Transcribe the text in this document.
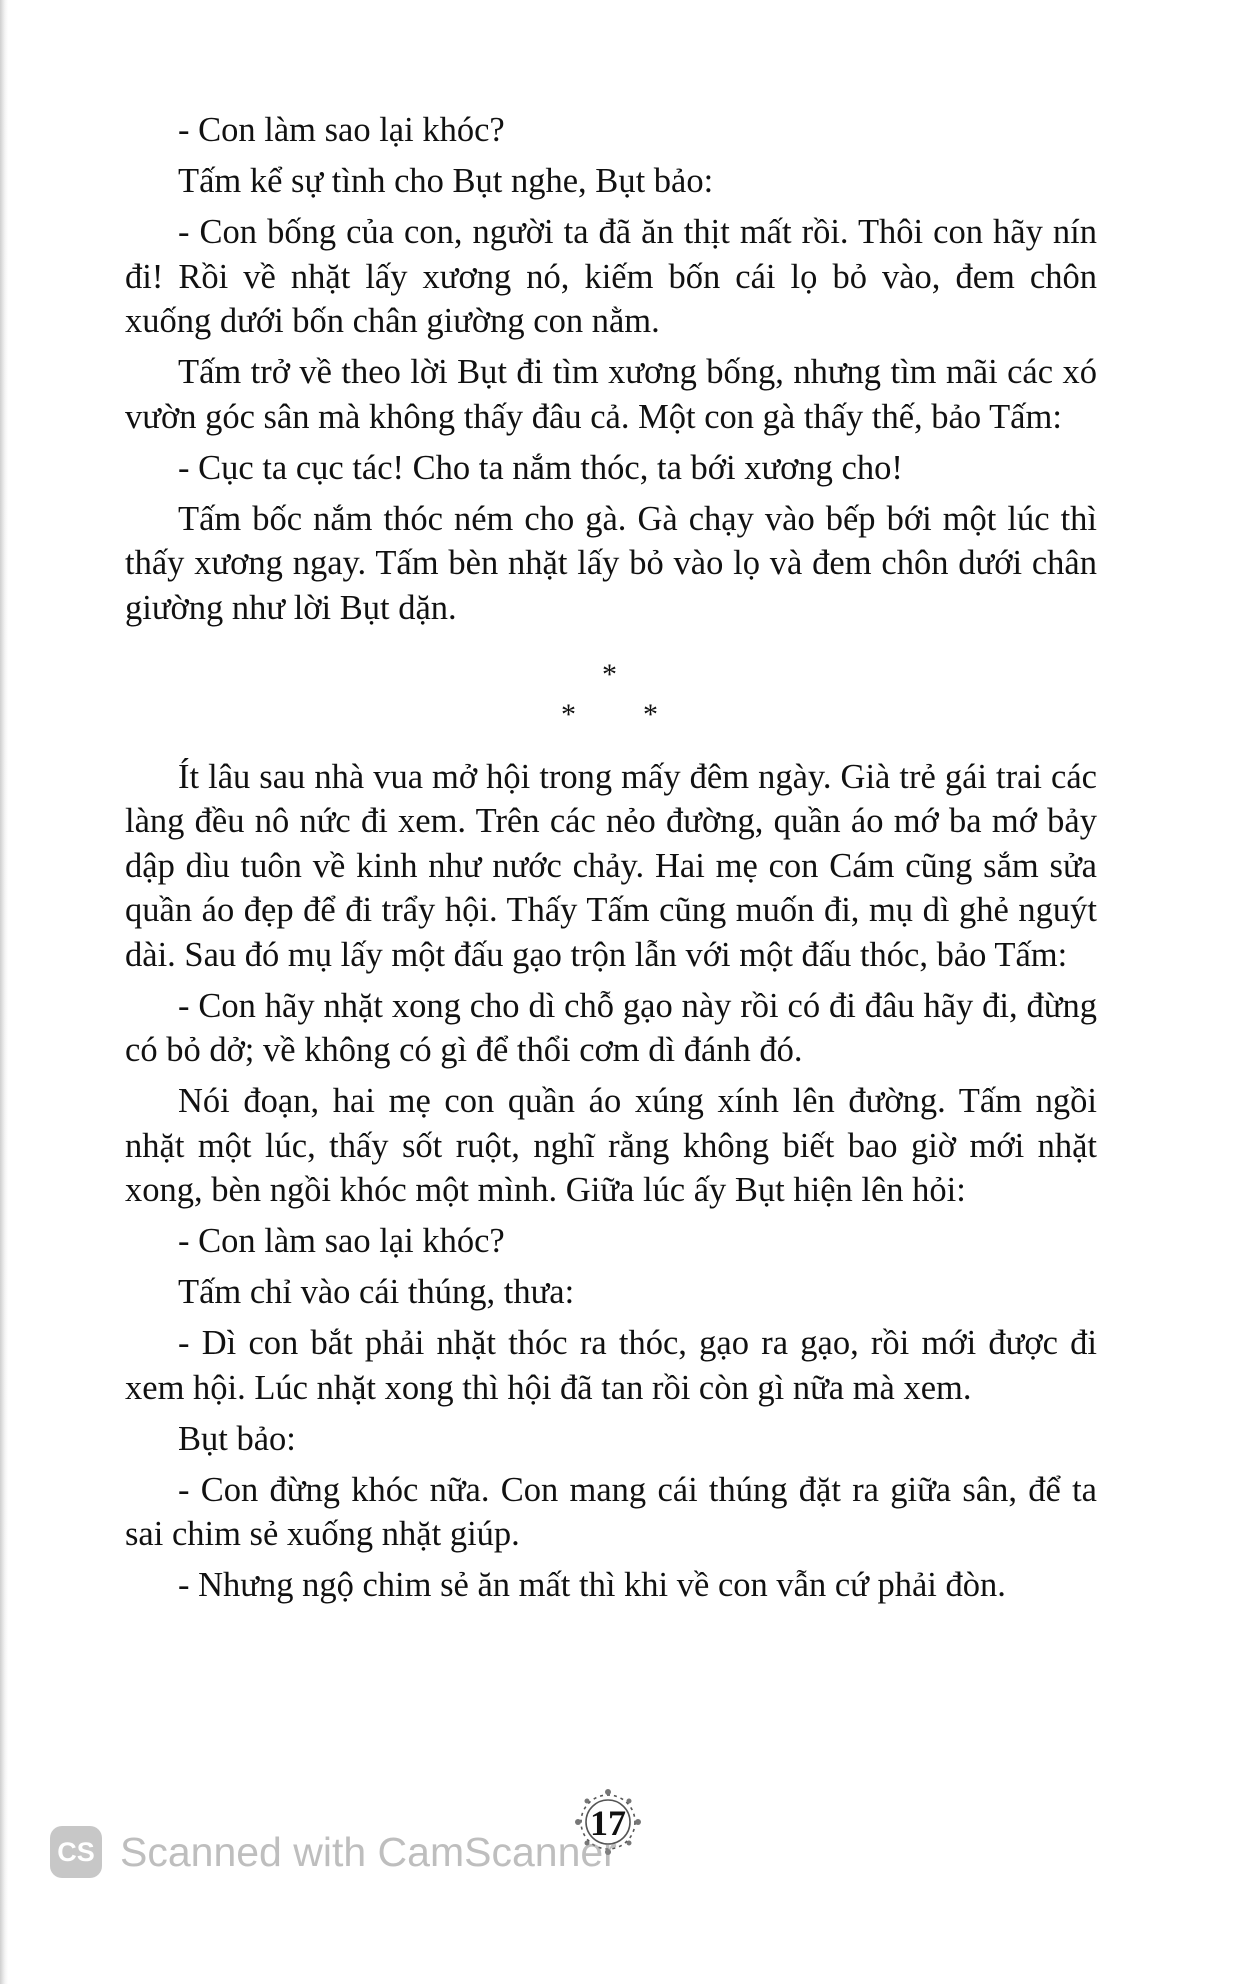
- Con làm sao lại khóc?

Tấm kể sự tình cho Bụt nghe, Bụt bảo:

- Con bống của con, người ta đã ăn thịt mất rồi. Thôi con hãy nín đi! Rồi về nhặt lấy xương nó, kiếm bốn cái lọ bỏ vào, đem chôn xuống dưới bốn chân giường con nằm.

Tấm trở về theo lời Bụt đi tìm xương bống, nhưng tìm mãi các xó vườn góc sân mà không thấy đâu cả. Một con gà thấy thế, bảo Tấm:

- Cục ta cục tác! Cho ta nắm thóc, ta bới xương cho!

Tấm bốc nắm thóc ném cho gà. Gà chạy vào bếp bới một lúc thì thấy xương ngay. Tấm bèn nhặt lấy bỏ vào lọ và đem chôn dưới chân giường như lời Bụt dặn.

*
* *

Ít lâu sau nhà vua mở hội trong mấy đêm ngày. Già trẻ gái trai các làng đều nô nức đi xem. Trên các nẻo đường, quần áo mớ ba mớ bảy dập dìu tuôn về kinh như nước chảy. Hai mẹ con Cám cũng sắm sửa quần áo đẹp để đi trẩy hội. Thấy Tấm cũng muốn đi, mụ dì ghẻ nguýt dài. Sau đó mụ lấy một đấu gạo trộn lẫn với một đấu thóc, bảo Tấm:

- Con hãy nhặt xong cho dì chỗ gạo này rồi có đi đâu hãy đi, đừng có bỏ dở; về không có gì để thổi cơm dì đánh đó.

Nói đoạn, hai mẹ con quần áo xúng xính lên đường. Tấm ngồi nhặt một lúc, thấy sốt ruột, nghĩ rằng không biết bao giờ mới nhặt xong, bèn ngồi khóc một mình. Giữa lúc ấy Bụt hiện lên hỏi:

- Con làm sao lại khóc?

Tấm chỉ vào cái thúng, thưa:

- Dì con bắt phải nhặt thóc ra thóc, gạo ra gạo, rồi mới được đi xem hội. Lúc nhặt xong thì hội đã tan rồi còn gì nữa mà xem.

Bụt bảo:

- Con đừng khóc nữa. Con mang cái thúng đặt ra giữa sân, để ta sai chim sẻ xuống nhặt giúp.

- Nhưng ngộ chim sẻ ăn mất thì khi về con vẫn cứ phải đòn.

17
CS Scanned with CamScanner
